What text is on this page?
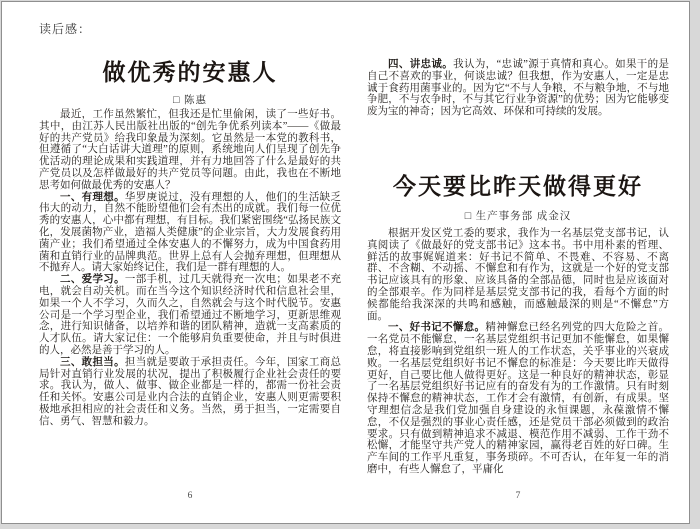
读后感：
做优秀的安惠人
□ 陈惠

最近，工作虽然繁忙，但我还是忙里偷闲，读了一些好书。其中，由江苏人民出版社出版的“创先争优系列读本”——《做最好的共产党员》给我印象最为深刻。它虽然是一本党的教科书，但遵循了“大白话讲大道理”的原则，系统地向人们呈现了创先争优活动的理论成果和实践道理，并有力地回答了什么是最好的共产党员以及怎样做最好的共产党员等问题。由此，我也在不断地思考如何做最优秀的安惠人？

一、有理想。华罗庚说过，没有理想的人，他们的生活缺乏伟大的动力，自然不能盼望他们会有杰出的成就。我们每一位优秀的安惠人，心中都有理想，有目标。我们紧密围绕“弘扬民族文化，发展菌物产业，造福人类健康”的企业宗旨，大力发展食药用菌产业；我们希望通过全体安惠人的不懈努力，成为中国食药用菌和直销行业的品牌典范。世界上总有人会抛弃理想，但理想从不抛弃人。请大家始终记住，我们是一群有理想的人。

二、爱学习。一部手机，过几天就得充一次电；如果老不充电，就会自动关机。而在当今这个知识经济时代和信息社会里，如果一个人不学习，久而久之，自然就会与这个时代脱节。安惠公司是一个学习型企业，我们希望通过不断地学习，更新思维观念，进行知识储备，以培养和谐的团队精神，造就一支高素质的人才队伍。请大家记住：一个能够肩负重要使命，并且与时俱进的人，必然是善于学习的人。

三、敢担当。担当就是要敢于承担责任。今年，国家工商总局针对直销行业发展的状况，提出了积极履行企业社会责任的要求。我认为，做人、做事、做企业都是一样的，都需一份社会责任和关怀。安惠公司是业内合法的直销企业，安惠人则更需要积极地承担相应的社会责任和义务。当然，勇于担当，一定需要自信、勇气、智慧和毅力。

6

四、讲忠诚。我认为，“忠诚”源于真情和真心。如果干的是自己不喜欢的事业，何谈忠诚？但我想，作为安惠人，一定是忠诚于食药用菌事业的。因为它“不与人争粮，不与粮争地，不与地争肥，不与农争时，不与其它行业争资源”的优势；因为它能够变废为宝的神奇；因为它高效、环保和可持续的发展。

今天要比昨天做得更好
□ 生产事务部 成金汉

根据开发区党工委的要求，我作为一名基层党支部书记，认真阅读了《做最好的党支部书记》这本书。书中用朴素的哲理、鲜活的故事娓娓道来：好书记不简单、不畏难、不容易、不离群、不含糊、不动摇、不懈怠和有作为，这就是一个好的党支部书记应该具有的形象、应该具备的全部品德，同时也是应该面对的全部艰辛。作为同样是基层党支部书记的我，看每个方面的时候都能给我深深的共鸣和感触，而感触最深的则是“不懈怠”方面。

一、好书记不懈怠。精神懈怠已经名列党的四大危险之首。一名党员不能懈怠，一名基层党组织书记更加不能懈怠，如果懈怠，将直接影响到党组织一班人的工作状态，关乎事业的兴衰成败。一名基层党组织好书记不懈怠的标准是：今天要比昨天做得更好，自己要比他人做得更好。这是一种良好的精神状态，彰显了一名基层党组织好书记应有的奋发有为的工作激情。只有时刻保持不懈怠的精神状态，工作才会有激情，有创新，有成果。坚守理想信念是我们党加强自身建设的永恒课题，永葆激情不懈怠，不仅是强烈的事业心责任感，还是党员干部必须做到的政治要求。只有做到精神追求不减退、模范作用不减弱、工作干劲不松懈，才能坚守共产党人的精神家园，赢得老百姓的好口碑。生产车间的工作平凡重复，事务琐碎。不可否认，在年复一年的消磨中，有些人懈怠了，平庸化

7
